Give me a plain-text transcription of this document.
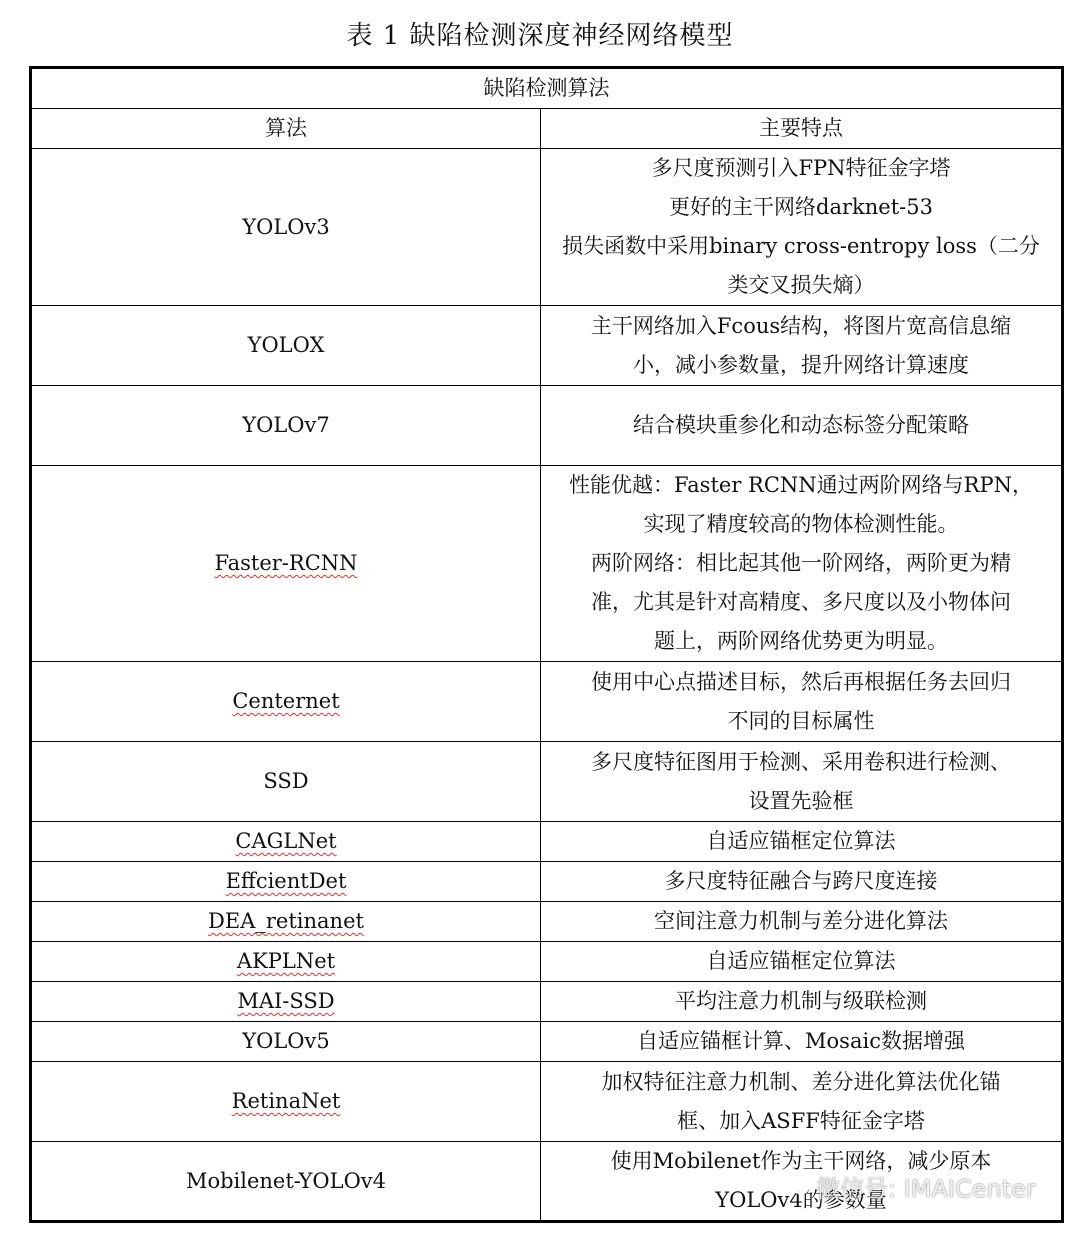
表 1 缺陷检测深度神经网络模型
缺陷检测算法	
算法	主要特点
YOLOv3	多尺度预测引入FPN特征金字塔
更好的主干网络darknet-53
损失函数中采用binary cross-entropy loss（二分
类交叉损失熵）

YOLOX	主干网络加入Fcous结构，将图片宽高信息缩
小，减小参数量，提升网络计算速度

YOLOv7	结合模块重参化和动态标签分配策略

Faster-RCNN	性能优越：Faster RCNN通过两阶网络与RPN，
实现了精度较高的物体检测性能。
两阶网络：相比起其他一阶网络，两阶更为精
准，尤其是针对高精度、多尺度以及小物体问
题上，两阶网络优势更为明显。

Centernet	使用中心点描述目标，然后再根据任务去回归
不同的目标属性

SSD	多尺度特征图用于检测、采用卷积进行检测、
设置先验框

CAGLNet	自适应锚框定位算法

EffcientDet	多尺度特征融合与跨尺度连接

DEA_retinanet	空间注意力机制与差分进化算法

AKPLNet	自适应锚框定位算法

MAI-SSD	平均注意力机制与级联检测

YOLOv5	自适应锚框计算、Mosaic数据增强

RetinaNet	加权特征注意力机制、差分进化算法优化锚
框、加入ASFF特征金字塔

Mobilenet-YOLOv4	使用Mobilenet作为主干网络，减少原本
YOLOv4的参数量
微信号: IMAICenter
